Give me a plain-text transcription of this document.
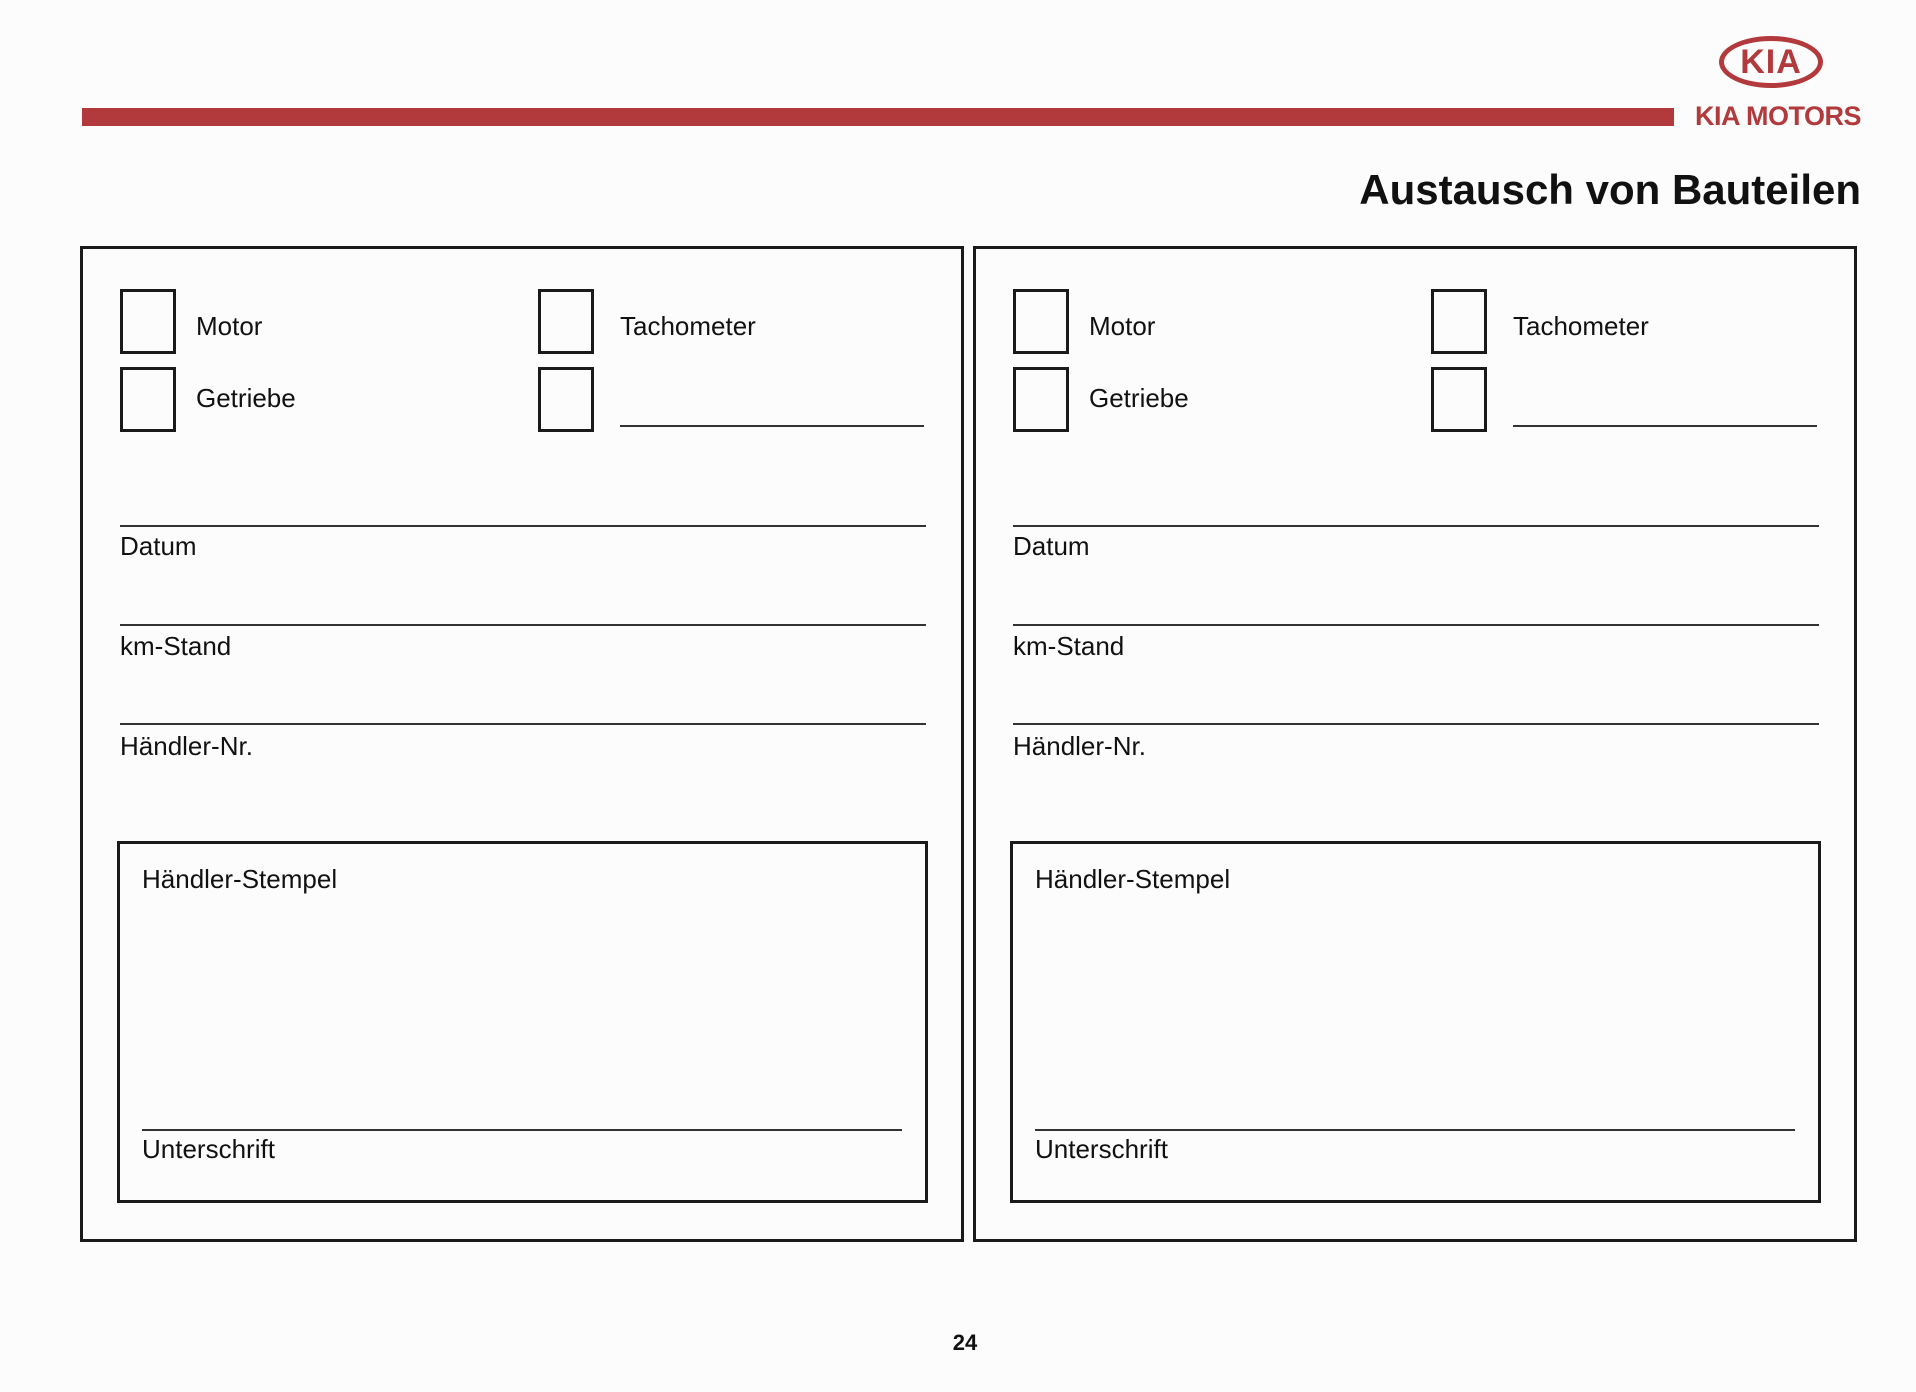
KIA
KIA MOTORS
Austausch von Bauteilen
Motor
Getriebe
Tachometer
Datum
km-Stand
Händler-Nr.
Händler-Stempel
Unterschrift
Motor
Getriebe
Tachometer
Datum
km-Stand
Händler-Nr.
Händler-Stempel
Unterschrift
24
